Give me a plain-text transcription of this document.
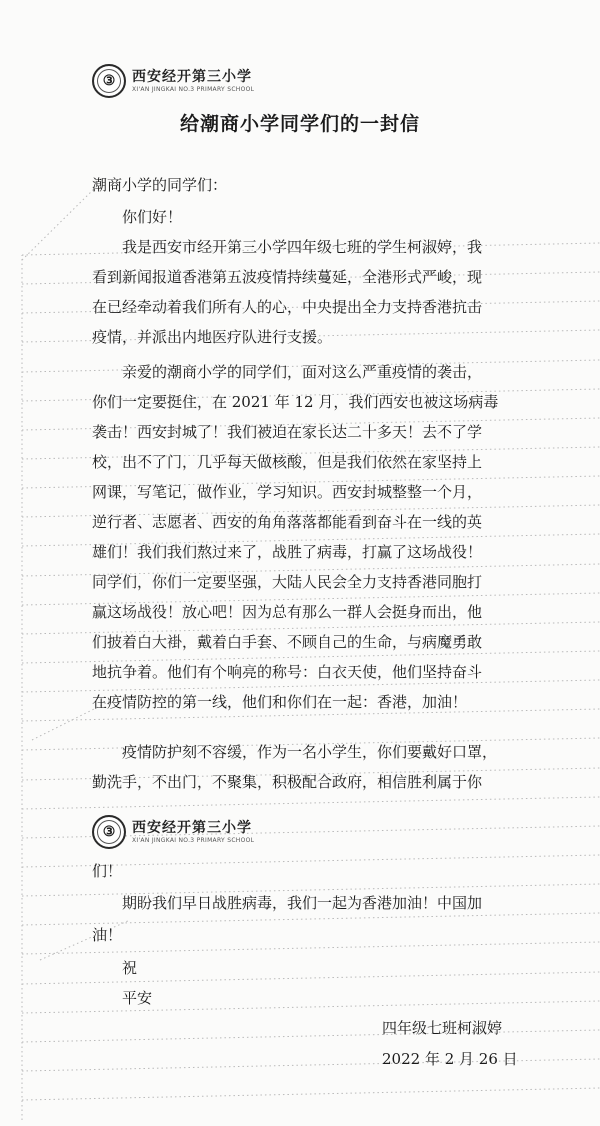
③	西安经开第三小学
XI'AN JINGKAI NO.3 PRIMARY SCHOOL
给潮商小学同学们的一封信
潮商小学的同学们：
你们好！
我是西安市经开第三小学四年级七班的学生柯淑婷，我
看到新闻报道香港第五波疫情持续蔓延，全港形式严峻，现
在已经牵动着我们所有人的心，中央提出全力支持香港抗击
疫情，并派出内地医疗队进行支援。
亲爱的潮商小学的同学们，面对这么严重疫情的袭击，
你们一定要挺住，在 2021 年 12 月，我们西安也被这场病毒
袭击！西安封城了！我们被迫在家长达二十多天！去不了学
校，出不了门，几乎每天做核酸，但是我们依然在家坚持上
网课，写笔记，做作业，学习知识。西安封城整整一个月，
逆行者、志愿者、西安的角角落落都能看到奋斗在一线的英
雄们！我们我们熬过来了，战胜了病毒，打赢了这场战役！
同学们，你们一定要坚强，大陆人民会全力支持香港同胞打
赢这场战役！放心吧！因为总有那么一群人会挺身而出，他
们披着白大褂，戴着白手套、不顾自己的生命，与病魔勇敢
地抗争着。他们有个响亮的称号：白衣天使，他们坚持奋斗
在疫情防控的第一线，他们和你们在一起：香港，加油！
疫情防护刻不容缓，作为一名小学生，你们要戴好口罩，
勤洗手，不出门，不聚集，积极配合政府，相信胜利属于你
③	西安经开第三小学
XI'AN JINGKAI NO.3 PRIMARY SCHOOL
们！
期盼我们早日战胜病毒，我们一起为香港加油！中国加
油！
祝
平安
四年级七班柯淑婷
2022 年 2 月 26 日
